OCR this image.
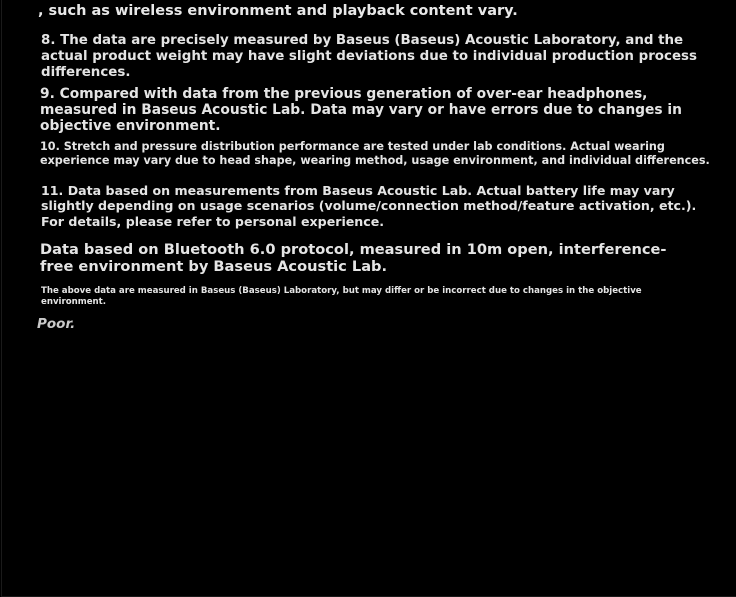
, such as wireless environment and playback content vary.

8. The data are precisely measured by Baseus (Baseus) Acoustic Laboratory, and the actual product weight may have slight deviations due to individual production process differences.

9. Compared with data from the previous generation of over-ear headphones, measured in Baseus Acoustic Lab. Data may vary or have errors due to changes in objective environment.

10. Stretch and pressure distribution performance are tested under lab conditions. Actual wearing experience may vary due to head shape, wearing method, usage environment, and individual differences.

11. Data based on measurements from Baseus Acoustic Lab. Actual battery life may vary slightly depending on usage scenarios (volume/connection method/feature activation, etc.). For details, please refer to personal experience.

Data based on Bluetooth 6.0 protocol, measured in 10m open, interference-free environment by Baseus Acoustic Lab.

The above data are measured in Baseus (Baseus) Laboratory, but may differ or be incorrect due to changes in the objective environment.

Poor.
